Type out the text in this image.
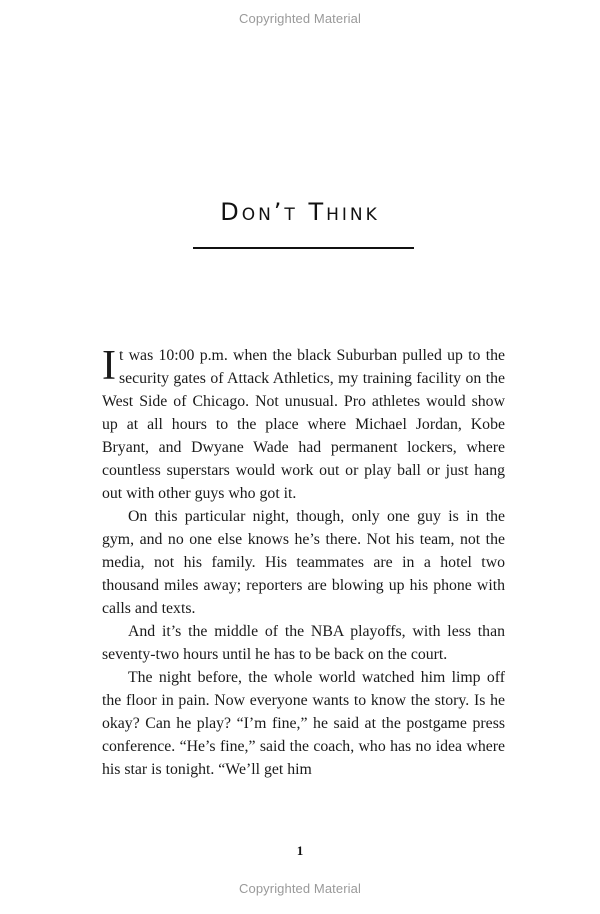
Copyrighted Material
Don’t Think

It was 10:00 p.m. when the black Suburban pulled up to the security gates of Attack Athletics, my training facility on the West Side of Chicago. Not unusual. Pro athletes would show up at all hours to the place where Michael Jordan, Kobe Bryant, and Dwyane Wade had permanent lockers, where countless superstars would work out or play ball or just hang out with other guys who got it.

On this particular night, though, only one guy is in the gym, and no one else knows he’s there. Not his team, not the media, not his family. His teammates are in a hotel two thousand miles away; reporters are blowing up his phone with calls and texts.

And it’s the middle of the NBA playoffs, with less than seventy-two hours until he has to be back on the court.

The night before, the whole world watched him limp off the floor in pain. Now everyone wants to know the story. Is he okay? Can he play? “I’m fine,” he said at the postgame press conference. “He’s fine,” said the coach, who has no idea where his star is tonight. “We’ll get him

1
Copyrighted Material
